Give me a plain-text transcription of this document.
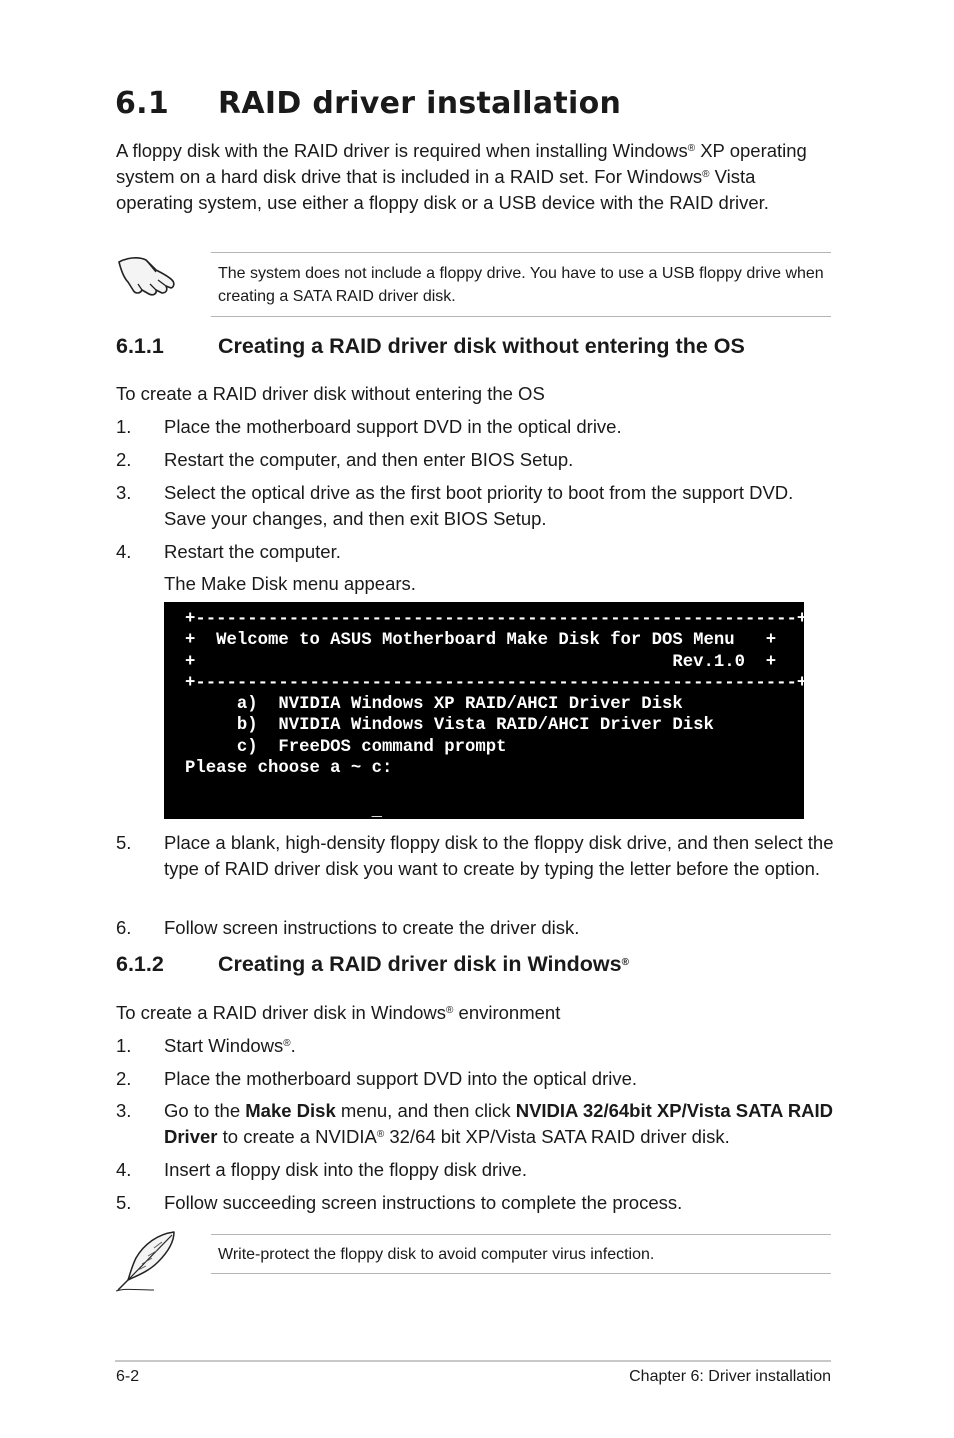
6.1 RAID driver installation

A floppy disk with the RAID driver is required when installing Windows® XP operating system on a hard disk drive that is included in a RAID set. For Windows® Vista operating system, use either a floppy disk or a USB device with the RAID driver.

The system does not include a floppy drive. You have to use a USB floppy drive when creating a SATA RAID driver disk.
6.1.1	Creating a RAID driver disk without entering the OS
To create a RAID driver disk without entering the OS
1. Place the motherboard support DVD in the optical drive.
2. Restart the computer, and then enter BIOS Setup.
3. Select the optical drive as the first boot priority to boot from the support DVD. Save your changes, and then exit BIOS Setup.
4. Restart the computer.
The Make Disk menu appears.
+----------------------------------------------------------+
+  Welcome to ASUS Motherboard Make Disk for DOS Menu   +
+                                              Rev.1.0  +
+----------------------------------------------------------+
a)  NVIDIA Windows XP RAID/AHCI Driver Disk
b)  NVIDIA Windows Vista RAID/AHCI Driver Disk
c)  FreeDOS command prompt
Please choose a ~ c:

_
5. Place a blank, high-density floppy disk to the floppy disk drive, and then select the type of RAID driver disk you want to create by typing the letter before the option.
6. Follow screen instructions to create the driver disk.
6.1.2	Creating a RAID driver disk in Windows®
To create a RAID driver disk in Windows® environment
1. Start Windows®.
2. Place the motherboard support DVD into the optical drive.
3. Go to the Make Disk menu, and then click NVIDIA 32/64bit XP/Vista SATA RAID Driver to create a NVIDIA® 32/64 bit XP/Vista SATA RAID driver disk.
4. Insert a floppy disk into the floppy disk drive.
5. Follow succeeding screen instructions to complete the process.
Write-protect the floppy disk to avoid computer virus infection.
6-2	Chapter 6: Driver installation
